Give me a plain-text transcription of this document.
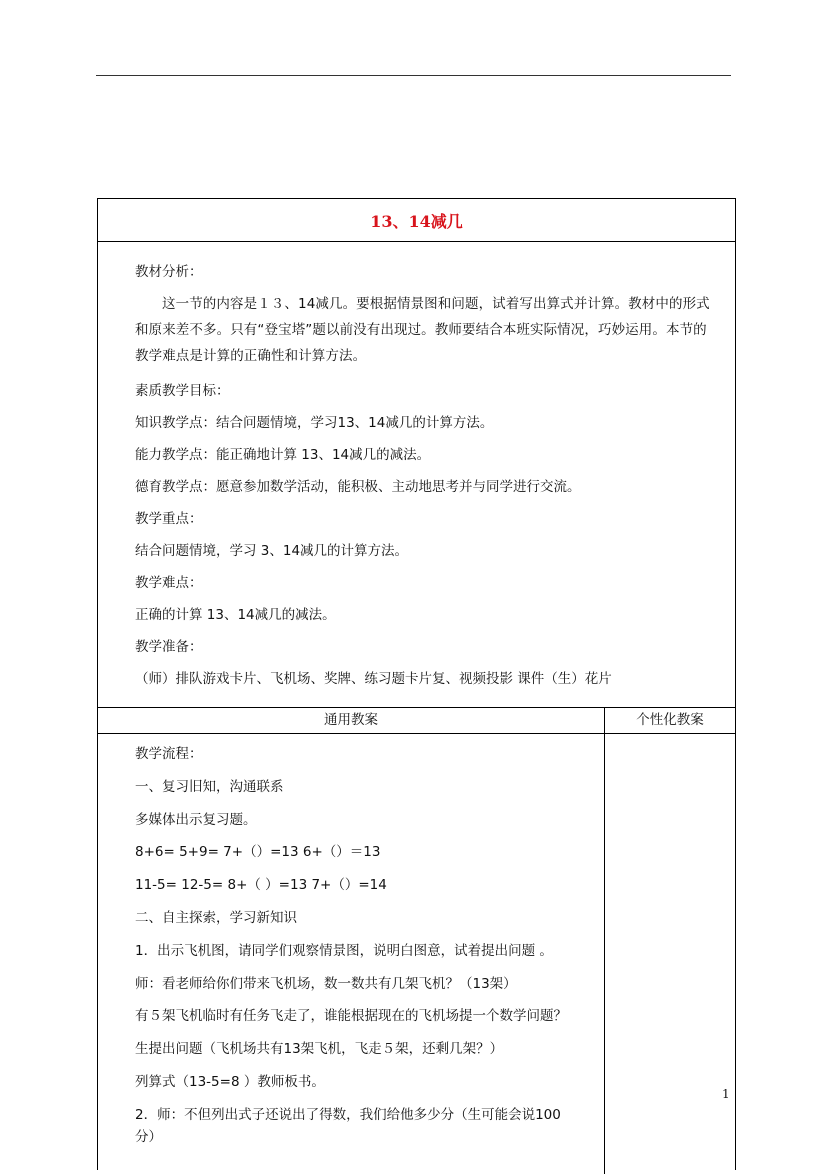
13、14减几
教材分析：
这一节的内容是１３、14减几。要根据情景图和问题，试着写出算式并计算。教材中的形式和原来差不多。只有“登宝塔”题以前没有出现过。教师要结合本班实际情况，巧妙运用。本节的教学难点是计算的正确性和计算方法。
素质教学目标：
知识教学点：结合问题情境，学习13、14减几的计算方法。
能力教学点：能正确地计算 13、14减几的减法。
德育教学点：愿意参加数学活动，能积极、主动地思考并与同学进行交流。
教学重点：
结合问题情境，学习 3、14减几的计算方法。
教学难点：
正确的计算 13、14减几的减法。
教学准备：
（师）排队游戏卡片、飞机场、奖牌、练习题卡片复、视频投影 课件（生）花片
通用教案	个性化教案
教学流程：
一、复习旧知，沟通联系
多媒体出示复习题。
8+6= 5+9= 7+（）=13 6+（）＝13
11-5= 12-5= 8+（ ）=13 7+（）=14
二、自主探索，学习新知识
1．出示飞机图，请同学们观察情景图，说明白图意，试着提出问题 。
师：看老师给你们带来飞机场，数一数共有几架飞机？（13架）
有５架飞机临时有任务飞走了，谁能根据现在的飞机场提一个数学问题？
生提出问题（飞机场共有13架飞机，飞走５架，还剩几架？）
列算式（13-5=8 ）教师板书。
2．师：不但列出式子还说出了得数，我们给他多少分（生可能会说100分）
1
